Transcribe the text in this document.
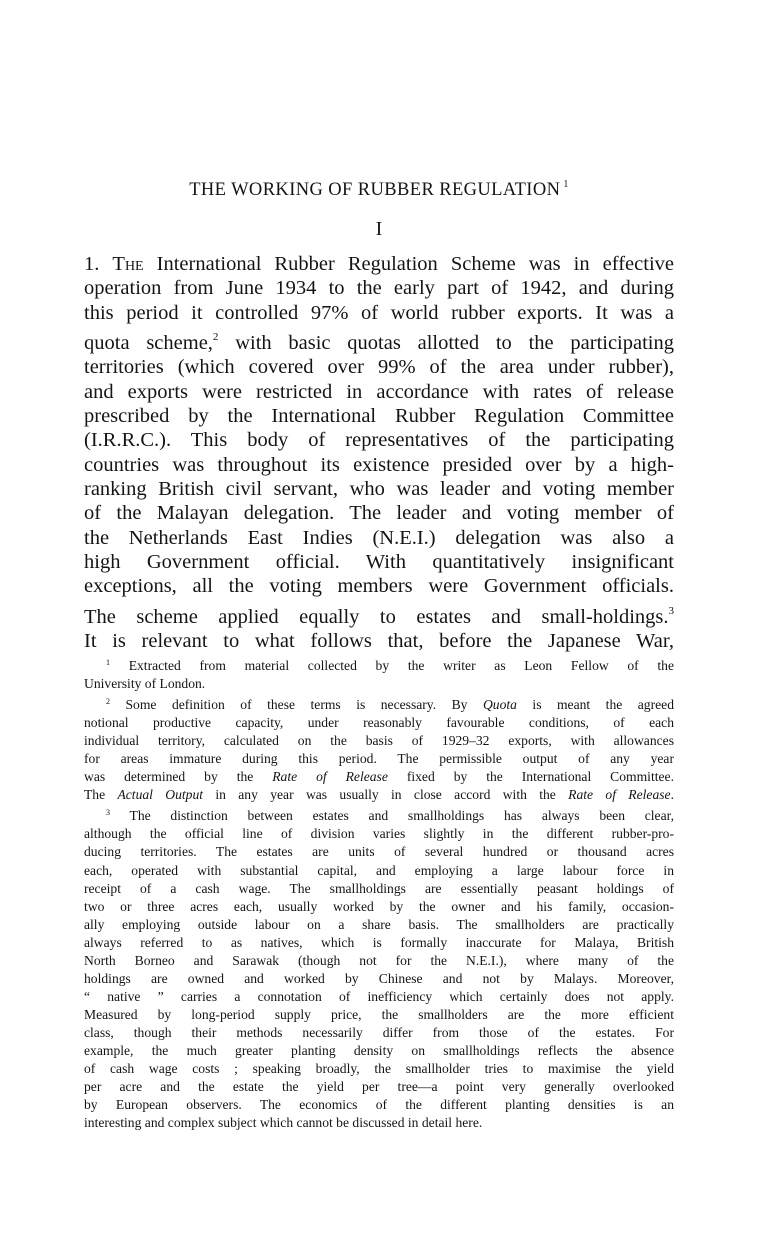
THE WORKING OF RUBBER REGULATION $^1$
I
1. The International Rubber Regulation Scheme was in effective
operation from June 1934 to the early part of 1942, and during
this period it controlled 97% of world rubber exports. It was a
quota scheme,$^2$ with basic quotas allotted to the participating
territories (which covered over 99% of the area under rubber),
and exports were restricted in accordance with rates of release
prescribed by the International Rubber Regulation Committee
(I.R.R.C.). This body of representatives of the participating
countries was throughout its existence presided over by a high-
ranking British civil servant, who was leader and voting member
of the Malayan delegation. The leader and voting member of
the Netherlands East Indies (N.E.I.) delegation was also a
high Government official. With quantitatively insignificant
exceptions, all the voting members were Government officials.
The scheme applied equally to estates and small-holdings.$^3$
It is relevant to what follows that, before the Japanese War,
$^1$ Extracted from material collected by the writer as Leon Fellow of the
University of London.
$^2$ Some definition of these terms is necessary. By Quota is meant the agreed
notional productive capacity, under reasonably favourable conditions, of each
individual territory, calculated on the basis of 1929–32 exports, with allowances
for areas immature during this period. The permissible output of any year
was determined by the Rate of Release fixed by the International Committee.
The Actual Output in any year was usually in close accord with the Rate of Release.
$^3$ The distinction between estates and smallholdings has always been clear,
although the official line of division varies slightly in the different rubber-pro-
ducing territories. The estates are units of several hundred or thousand acres
each, operated with substantial capital, and employing a large labour force in
receipt of a cash wage. The smallholdings are essentially peasant holdings of
two or three acres each, usually worked by the owner and his family, occasion-
ally employing outside labour on a share basis. The smallholders are practically
always referred to as natives, which is formally inaccurate for Malaya, British
North Borneo and Sarawak (though not for the N.E.I.), where many of the
holdings are owned and worked by Chinese and not by Malays. Moreover,
“ native ” carries a connotation of inefficiency which certainly does not apply.
Measured by long-period supply price, the smallholders are the more efficient
class, though their methods necessarily differ from those of the estates. For
example, the much greater planting density on smallholdings reflects the absence
of cash wage costs ; speaking broadly, the smallholder tries to maximise the yield
per acre and the estate the yield per tree—a point very generally overlooked
by European observers. The economics of the different planting densities is an
interesting and complex subject which cannot be discussed in detail here.
